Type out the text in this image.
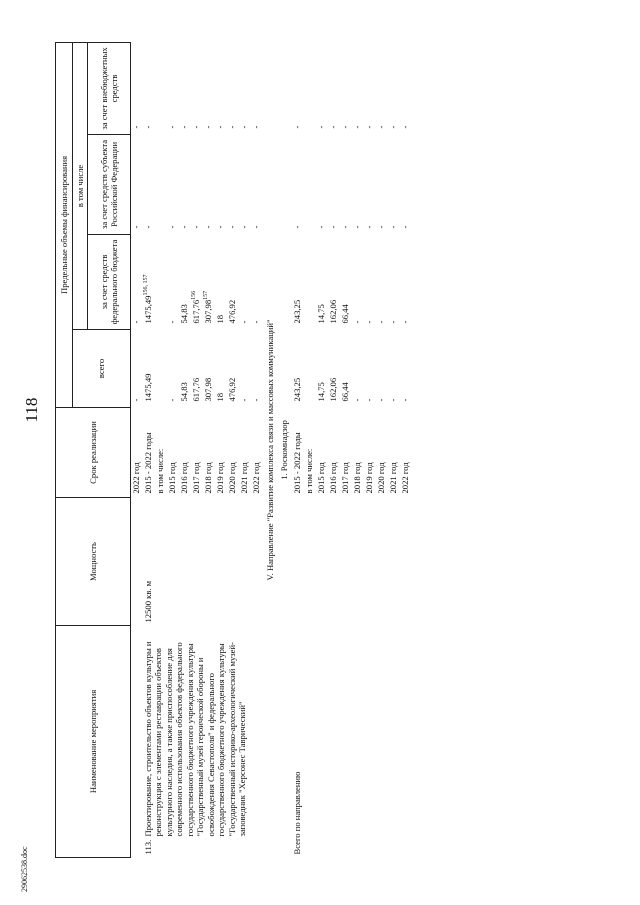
118
29062538.doc
Наименование мероприятия		Мощность	Срок реализации	Предельные объемы финансирования			
				всего	в том числе		
					за счет средств федерального бюджета	за счет средств субъекта Российской Федерации	за счет внебюджетных средств
			2022 год	-	-	-	-
113.	Проектирование, строительство объектов культуры и реконструкция с элементами реставрации объектов культурного наследия, а также приспособление для современного использования объектов федерального государственного бюджетного учреждения культуры "Государственный музей героической обороны и освобождения Севастополя" и федерального государственного бюджетного учреждения культуры "Государственный историко-археологический музей-заповедник "Херсонес Таврический"	12500 кв. м	2015 - 2022 годы	1475,49	1475,49$^{156, 157}$	-	-
			в том числе:				
			2015 год	-	-	-	-
			2016 год	54,83	54,83	-	-
			2017 год	617,76	617,76$^{156}$	-	-
			2018 год	307,98	307,98$^{157}$	-	-
			2019 год	18	18	-	-
			2020 год	476,92	476,92	-	-
			2021 год	-	-	-	-
			2022 год	-	-	-	-
V. Направление "Развитие комплекса связи и массовых коммуникаций"							
1. Роскомнадзор							
Всего по направлению			2015 - 2022 годы	243,25	243,25	-	-
			в том числе:				
			2015 год	14,75	14,75	-	-
			2016 год	162,06	162,06	-	-
			2017 год	66,44	66,44	-	-
			2018 год	-	-	-	-
			2019 год	-	-	-	-
			2020 год	-	-	-	-
			2021 год	-	-	-	-
			2022 год	-	-	-	-
